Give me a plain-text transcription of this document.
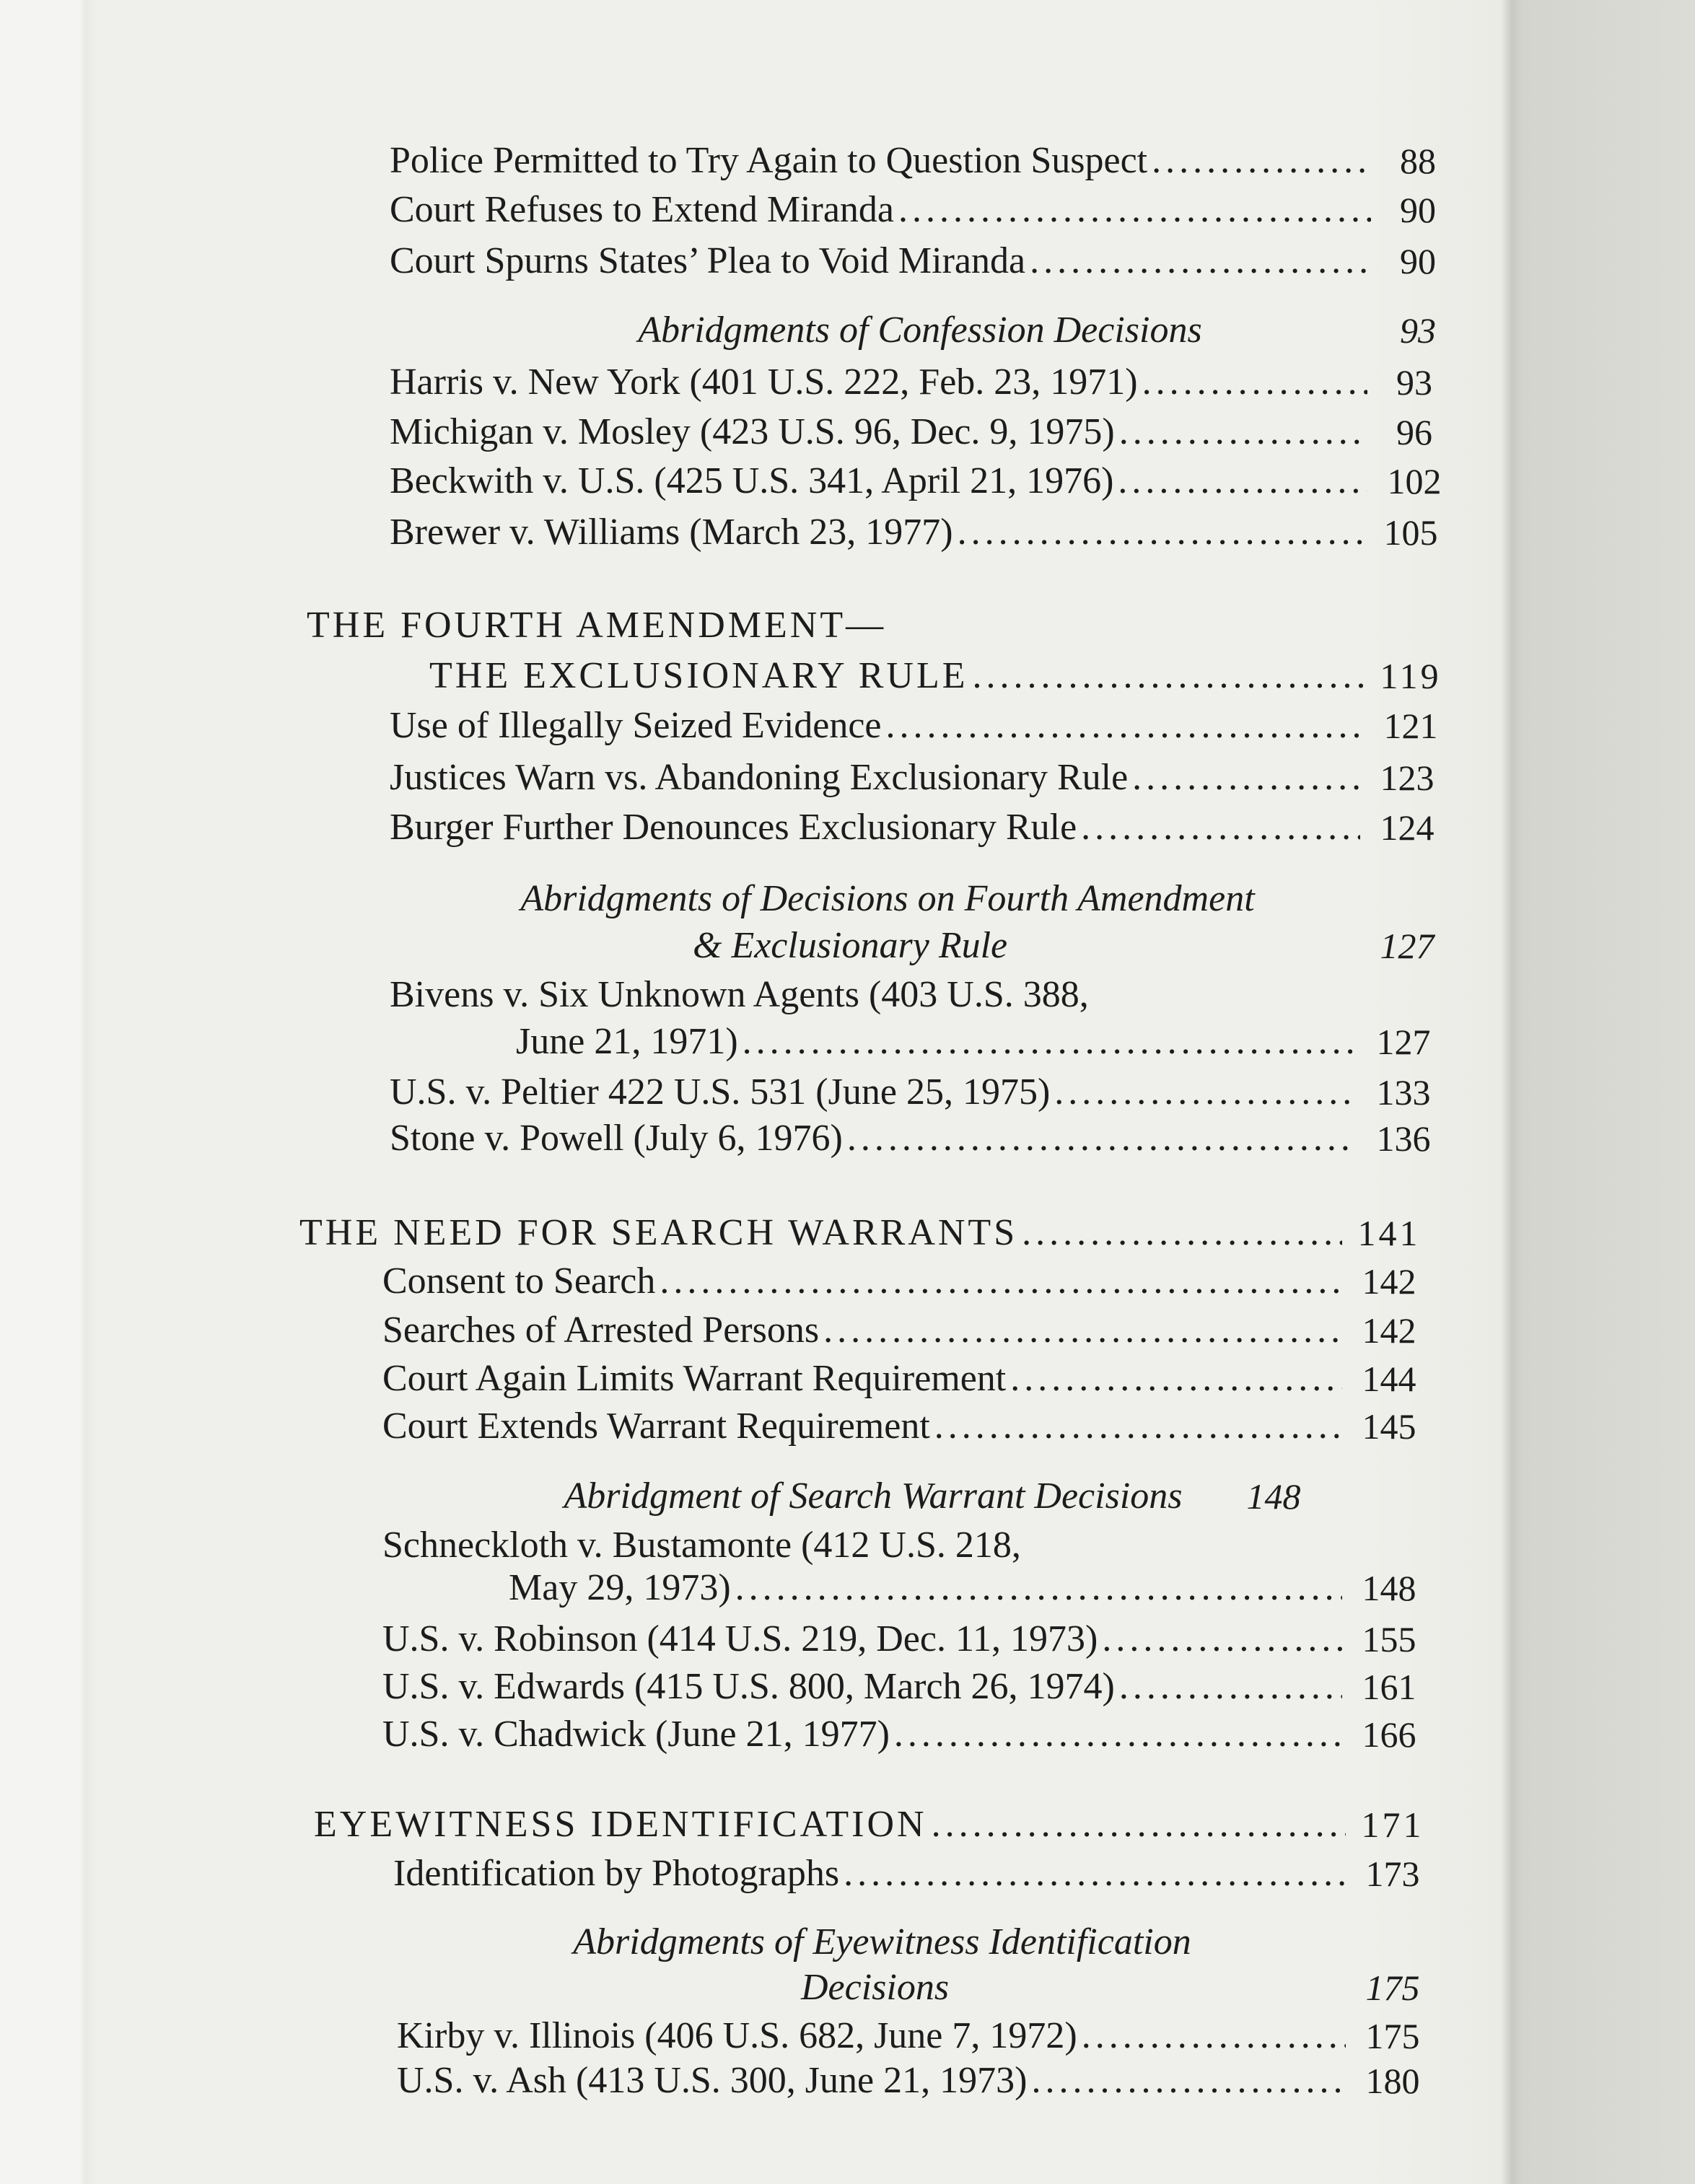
Police Permitted to Try Again to Question Suspect .....	88
Court Refuses to Extend Miranda .....	90
Court Spurns States’ Plea to Void Miranda .....	90
Abridgments of Confession Decisions	93
Harris v. New York (401 U.S. 222, Feb. 23, 1971) .....	93
Michigan v. Mosley (423 U.S. 96, Dec. 9, 1975) .....	96
Beckwith v. U.S. (425 U.S. 341, April 21, 1976) .....	102
Brewer v. Williams (March 23, 1977) .....	105
THE FOURTH AMENDMENT—
THE EXCLUSIONARY RULE .....	119
Use of Illegally Seized Evidence .....	121
Justices Warn vs. Abandoning Exclusionary Rule .....	123
Burger Further Denounces Exclusionary Rule .....	124
Abridgments of Decisions on Fourth Amendment
& Exclusionary Rule	127
Bivens v. Six Unknown Agents (403 U.S. 388,
June 21, 1971) .....	127
U.S. v. Peltier 422 U.S. 531 (June 25, 1975) .....	133
Stone v. Powell (July 6, 1976) .....	136
THE NEED FOR SEARCH WARRANTS .....	141
Consent to Search .....	142
Searches of Arrested Persons .....	142
Court Again Limits Warrant Requirement .....	144
Court Extends Warrant Requirement .....	145
Abridgment of Search Warrant Decisions	148
Schneckloth v. Bustamonte (412 U.S. 218,
May 29, 1973) .....	148
U.S. v. Robinson (414 U.S. 219, Dec. 11, 1973) .....	155
U.S. v. Edwards (415 U.S. 800, March 26, 1974) .....	161
U.S. v. Chadwick (June 21, 1977) .....	166
EYEWITNESS IDENTIFICATION .....	171
Identification by Photographs .....	173
Abridgments of Eyewitness Identification
Decisions	175
Kirby v. Illinois (406 U.S. 682, June 7, 1972) .....	175
U.S. v. Ash (413 U.S. 300, June 21, 1973) .....	180
